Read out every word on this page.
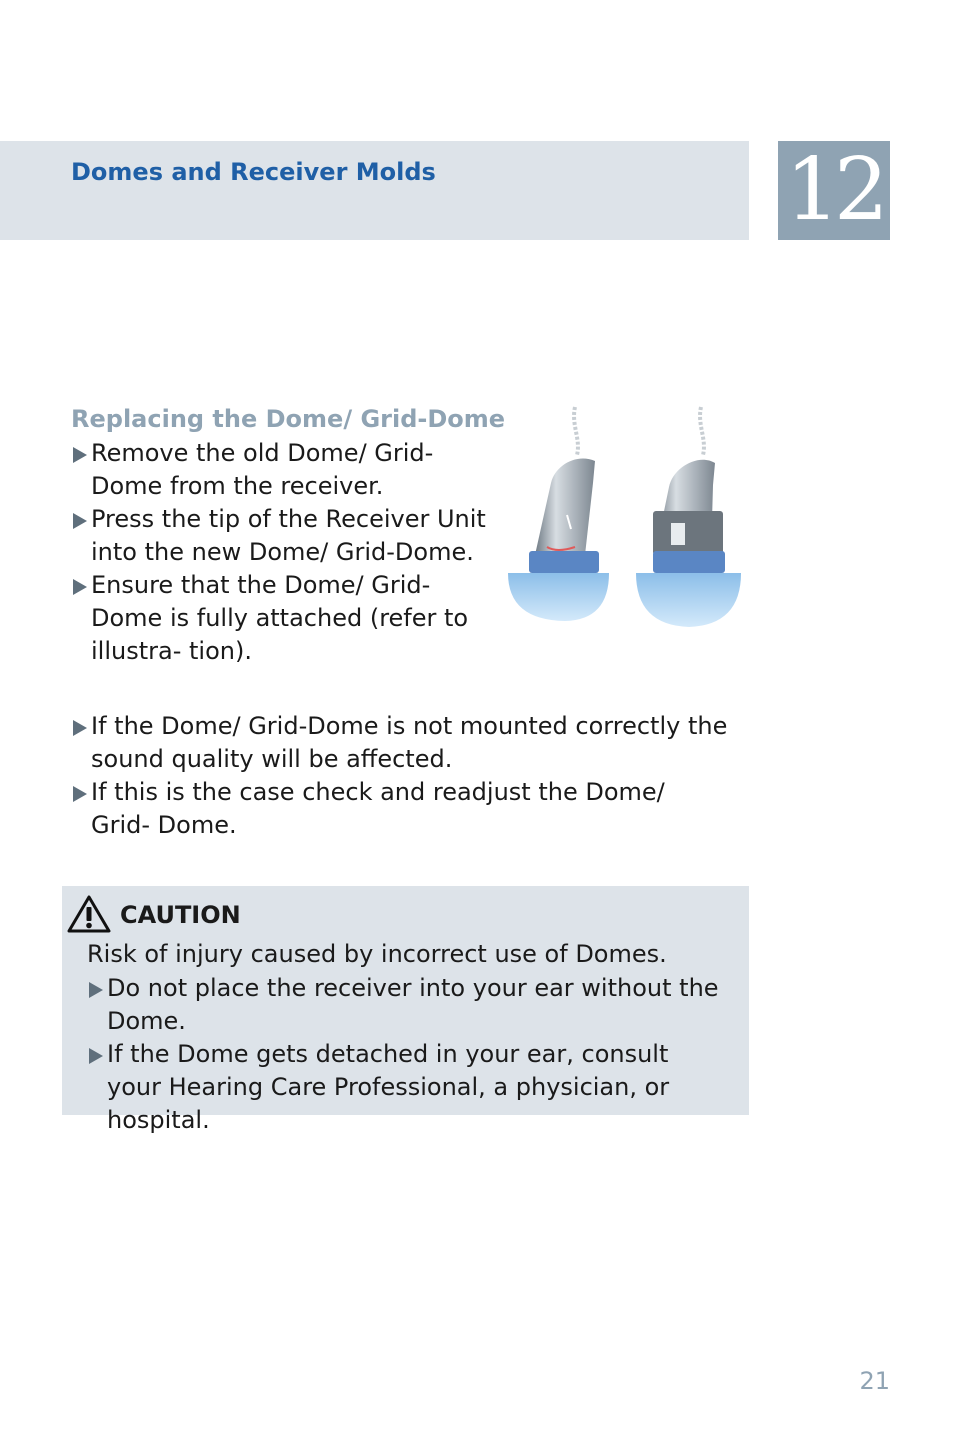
Domes and Receiver Molds	12
Replacing the Dome/ Grid-Dome
Remove the old Dome/ Grid-Dome from the receiver.
Press the tip of the Receiver Unit into the new Dome/ Grid-Dome.
Ensure that the Dome/ Grid-Dome is fully attached (refer to illustra- tion).
If the Dome/ Grid-Dome is not mounted correctly the sound quality will be affected.
If this is the case check and readjust the Dome/ Grid- Dome.
CAUTION

Risk of injury caused by incorrect use of Domes.

Do not place the receiver into your ear without the Dome.
If the Dome gets detached in your ear, consult your Hearing Care Professional, a physician, or hospital.
21
